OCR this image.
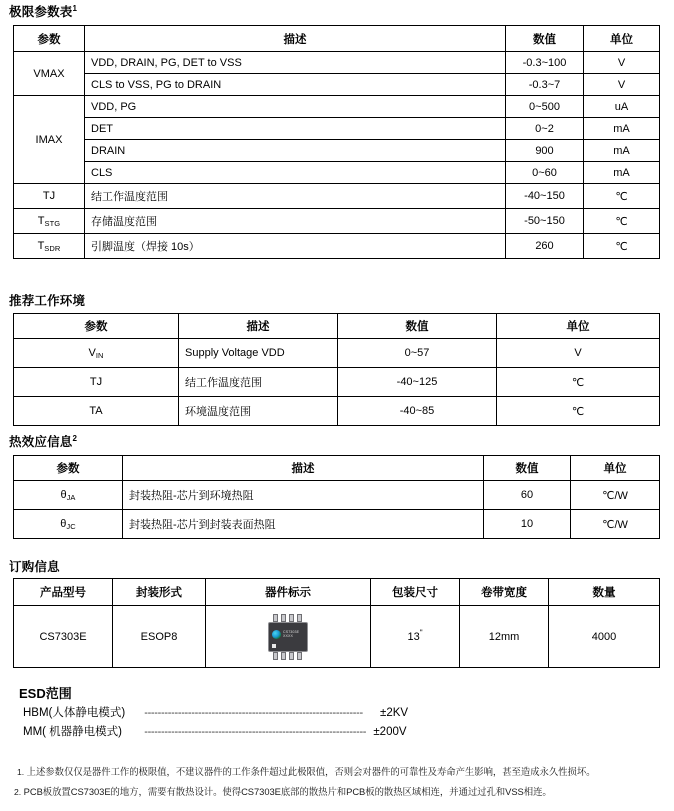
极限参数表$^1$
参数	描述	数值	单位
VMAX	VDD, DRAIN, PG, DET to VSS	-0.3~100	V
	CLS to VSS, PG to DRAIN	-0.3~7	V
IMAX	VDD, PG	0~500	uA
	DET	0~2	mA
	DRAIN	900	mA
	CLS	0~60	mA
TJ	结工作温度范围	-40~150	℃
$T_{STG}$	存储温度范围	-50~150	℃
$T_{SDR}$	引脚温度（焊接 10s）	260	℃
推荐工作环境
参数	描述	数值	单位
$V_{IN}$	Supply Voltage VDD	0~57	V
TJ	结工作温度范围	-40~125	℃
TA	环境温度范围	-40~85	℃
热效应信息$^2$
参数	描述	数值	单位
$\theta_{JA}$	封装热阻-芯片到环境热阻	60	℃/W
$\theta_{JC}$	封装热阻-芯片到封装表面热阻	10	℃/W
订购信息
产品型号	封装形式	器件标示	包装尺寸	卷带宽度	数量
CS7303E	ESOP8	CS7303E XXXX	13"	12mm	4000
ESD范围
HBM(人体静电模式) ----------------------------------------------------------------- ±2KV
MM( 机器静电模式) ------------------------------------------------------------------ ±200V
1. 上述参数仅仅是器件工作的极限值，不建议器件的工作条件超过此极限值，否则会对器件的可靠性及寿命产生影响，甚至造成永久性损坏。
2. PCB板放置CS7303E的地方，需要有散热设计。使得CS7303E底部的散热片和PCB板的散热区域相连，并通过过孔和VSS相连。
